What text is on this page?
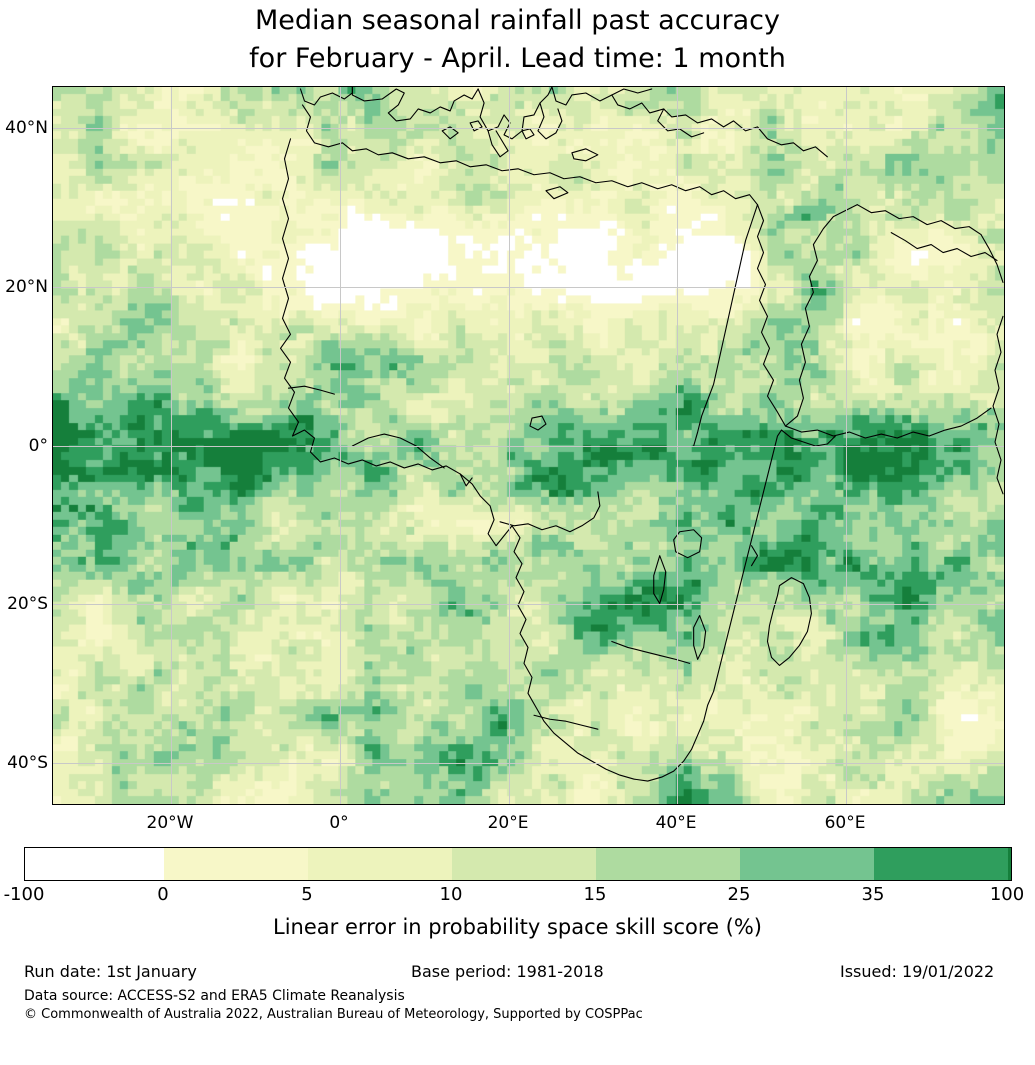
Median seasonal rainfall past accuracy
for February - April. Lead time: 1 month
40°N
20°N
0°
20°S
40°S
20°W	0°	20°E	40°E	60°E
-100	0	5	10	15	25	35	100
Linear error in probability space skill score (%)
Run date: 1st January	Base period: 1981-2018	Issued: 19/01/2022
Data source: ACCESS-S2 and ERA5 Climate Reanalysis
© Commonwealth of Australia 2022, Australian Bureau of Meteorology, Supported by COSPPac
